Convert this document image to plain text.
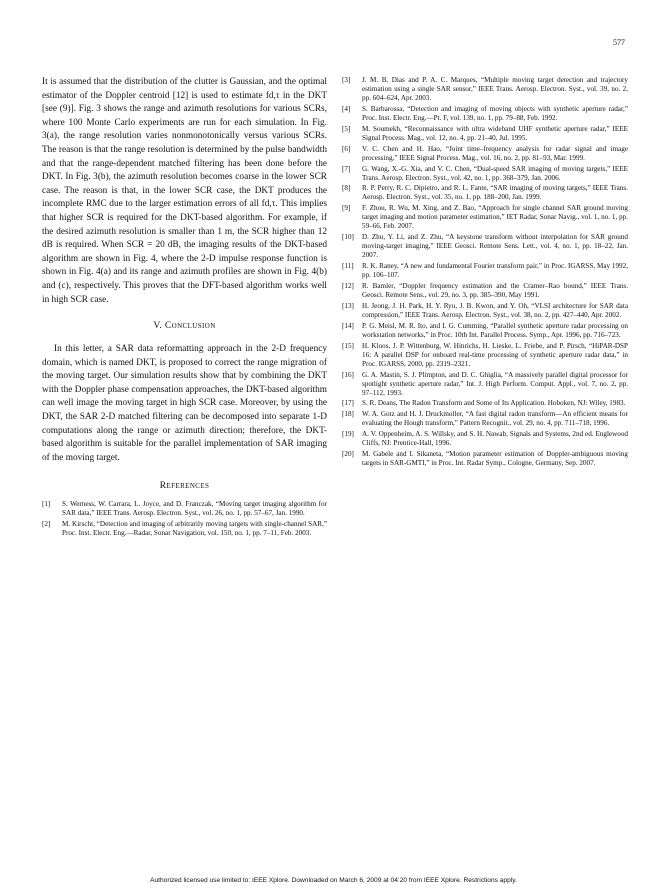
577

It is assumed that the distribution of the clutter is Gaussian, and the optimal estimator of the Doppler centroid [12] is used to estimate fd,τ in the DKT [see (9)]. Fig. 3 shows the range and azimuth resolutions for various SCRs, where 100 Monte Carlo experiments are run for each simulation. In Fig. 3(a), the range resolution varies nonmonotonically versus various SCRs. The reason is that the range resolution is determined by the pulse bandwidth and that the range-dependent matched filtering has been done before the DKT. In Fig. 3(b), the azimuth resolution becomes coarse in the lower SCR case. The reason is that, in the lower SCR case, the DKT produces the incomplete RMC due to the larger estimation errors of all fd,τ. This implies that higher SCR is required for the DKT-based algorithm. For example, if the desired azimuth resolution is smaller than 1 m, the SCR higher than 12 dB is required. When SCR = 20 dB, the imaging results of the DKT-based algorithm are shown in Fig. 4, where the 2-D impulse response function is shown in Fig. 4(a) and its range and azimuth profiles are shown in Fig. 4(b) and (c), respectively. This proves that the DFT-based algorithm works well in high SCR case.

V. Conclusion

In this letter, a SAR data reformatting approach in the 2-D frequency domain, which is named DKT, is proposed to correct the range migration of the moving target. Our simulation results show that by combining the DKT with the Doppler phase compensation approaches, the DKT-based algorithm can well image the moving target in high SCR case. Moreover, by using the DKT, the SAR 2-D matched filtering can be decomposed into separate 1-D computations along the range or azimuth direction; therefore, the DKT-based algorithm is suitable for the parallel implementation of SAR imaging of the moving target.

References
[1]	S. Werness, W. Carrara, L. Joyce, and D. Franczak, “Moving target imaging algorithm for SAR data,” IEEE Trans. Aerosp. Electron. Syst., vol. 26, no. 1, pp. 57–67, Jan. 1990.
[2]	M. Kirscht, “Detection and imaging of arbitrarily moving targets with single-channel SAR,” Proc. Inst. Electr. Eng.—Radar, Sonar Navigation, vol. 150, no. 1, pp. 7–11, Feb. 2003.
[3]	J. M. B. Dias and P. A. C. Marques, “Multiple moving target detection and trajectory estimation using a single SAR sensor,” IEEE Trans. Aerosp. Electron. Syst., vol. 39, no. 2, pp. 604–624, Apr. 2003.
[4]	S. Barbarossa, “Detection and imaging of moving objects with synthetic aperture radar,” Proc. Inst. Electr. Eng.—Pt. F, vol. 139, no. 1, pp. 79–88, Feb. 1992.
[5]	M. Soumekh, “Reconnaissance with ultra wideband UHF synthetic aperture radar,” IEEE Signal Process. Mag., vol. 12, no. 4, pp. 21–40, Jul. 1995.
[6]	V. C. Chen and H. Hao, “Joint time–frequency analysis for radar signal and image processing,” IEEE Signal Process. Mag., vol. 16, no. 2, pp. 81–93, Mar. 1999.
[7]	G. Wang, X.-G. Xia, and V. C. Chen, “Dual-speed SAR imaging of moving targets,” IEEE Trans. Aerosp. Electron. Syst., vol. 42, no. 1, pp. 368–379, Jan. 2006.
[8]	R. P. Perry, R. C. Dipietro, and R. L. Fante, “SAR imaging of moving targets,” IEEE Trans. Aerosp. Electron. Syst., vol. 35, no. 1, pp. 188–200, Jan. 1999.
[9]	F. Zhou, R. Wu, M. Xing, and Z. Bao, “Approach for single channel SAR ground moving target imaging and motion parameter estimation,” IET Radar, Sonar Navig., vol. 1, no. 1, pp. 59–66, Feb. 2007.
[10]	D. Zhu, Y. Li, and Z. Zhu, “A keystone transform without interpolation for SAR ground moving-target imaging,” IEEE Geosci. Remote Sens. Lett., vol. 4, no. 1, pp. 18–22, Jan. 2007.
[11]	R. K. Raney, “A new and fundamental Fourier transform pair,” in Proc. IGARSS, May 1992, pp. 106–107.
[12]	R. Bamler, “Doppler frequency estimation and the Cramer–Rao bound,” IEEE Trans. Geosci. Remote Sens., vol. 29, no. 3, pp. 385–390, May 1991.
[13]	H. Jeong, J. H. Park, H. Y. Ryu, J. B. Kwon, and Y. Oh, “VLSI architecture for SAR data compression,” IEEE Trans. Aerosp. Electron. Syst., vol. 38, no. 2, pp. 427–440, Apr. 2002.
[14]	P. G. Meisl, M. R. Ito, and I. G. Cumming, “Parallel synthetic aperture radar processing on workstation networks,” in Proc. 10th Int. Parallel Process. Symp., Apr. 1996, pp. 716–723.
[15]	H. Kloos, J. P. Wittenburg, W. Hinrichs, H. Lieske, L. Friebe, and P. Pirsch, “HiPAR-DSP 16: A parallel DSP for onboard real-time processing of synthetic aperture radar data,” in Proc. IGARSS, 2000, pp. 2319–2321.
[16]	G. A. Mastin, S. J. Plimpton, and D. C. Ghiglia, “A massively parallel digital processor for spotlight synthetic aperture radar,” Int. J. High Perform. Comput. Appl., vol. 7, no. 2, pp. 97–112, 1993.
[17]	S. R. Deans, The Radon Transform and Some of Its Application. Hoboken, NJ: Wiley, 1983.
[18]	W. A. Gotz and H. J. Druckmoller, “A fast digital radon transform—An efficient means for evaluating the Hough transform,” Pattern Recognit., vol. 29, no. 4, pp. 711–718, 1996.
[19]	A. V. Oppenheim, A. S. Willsky, and S. H. Nawab, Signals and Systems, 2nd ed. Englewood Cliffs, NJ: Prentice-Hall, 1996.
[20]	M. Gabele and I. Sikaneta, “Motion parameter estimation of Doppler-ambiguous moving targets in SAR-GMTI,” in Proc. Int. Radar Symp., Cologne, Germany, Sep. 2007.
Authorized licensed use limited to: IEEE Xplore. Downloaded on March 6, 2009 at 04:20 from IEEE Xplore. Restrictions apply.
